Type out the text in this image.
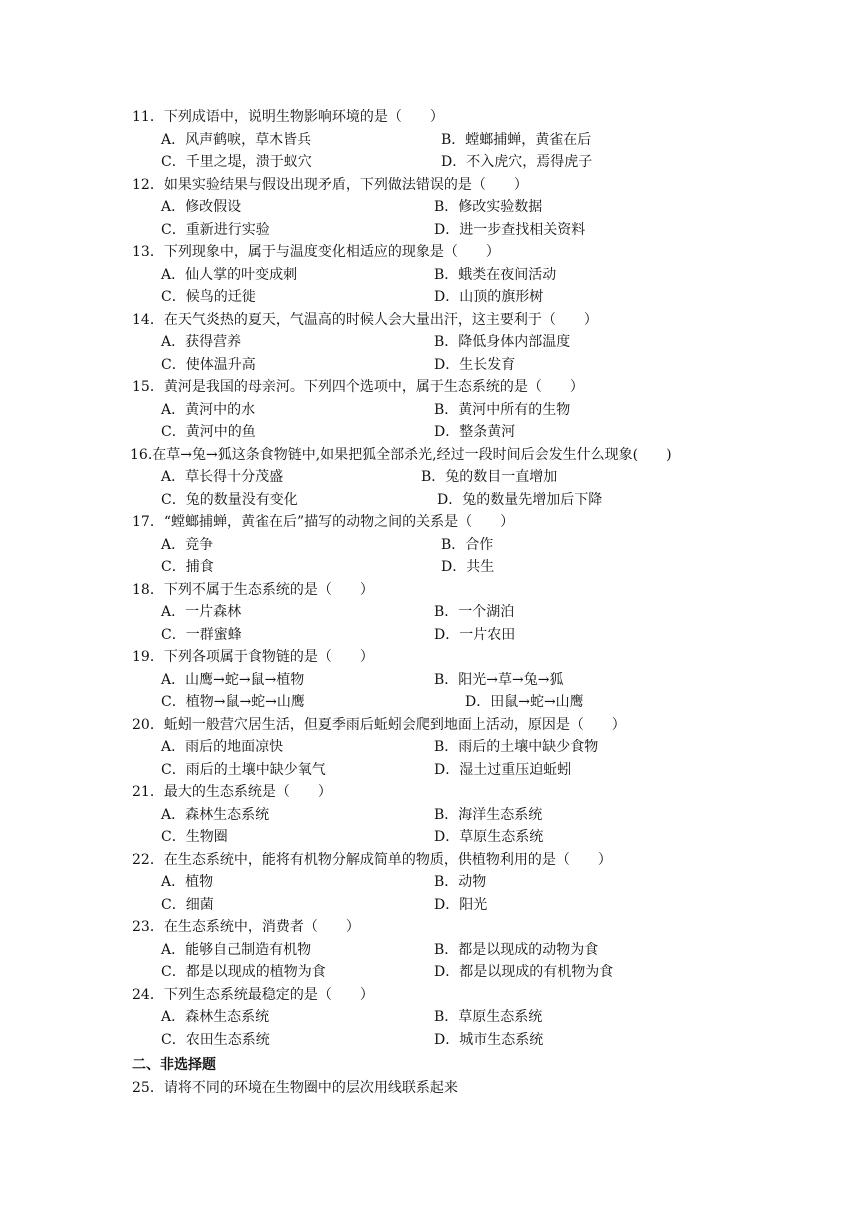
11．下列成语中，说明生物影响环境的是（　　）
A．风声鹤唳，草木皆兵	B．螳螂捕蝉，黄雀在后
C．千里之堤，溃于蚁穴	D．不入虎穴，焉得虎子
12．如果实验结果与假设出现矛盾，下列做法错误的是（　　）
A．修改假设	B．修改实验数据
C．重新进行实验	D．进一步查找相关资料
13．下列现象中，属于与温度变化相适应的现象是（　　）
A．仙人掌的叶变成刺	B．蛾类在夜间活动
C．候鸟的迁徙	D．山顶的旗形树
14．在天气炎热的夏天，气温高的时候人会大量出汗，这主要利于（　　）
A．获得营养	B．降低身体内部温度
C．使体温升高	D．生长发育
15．黄河是我国的母亲河。下列四个选项中，属于生态系统的是（　　）
A．黄河中的水	B．黄河中所有的生物
C．黄河中的鱼	D．整条黄河
16.在草→兔→狐这条食物链中,如果把狐全部杀光,经过一段时间后会发生什么现象(　　)
A．草长得十分茂盛	B．兔的数目一直增加
C．兔的数量没有变化	D．兔的数量先增加后下降
17．“螳螂捕蝉，黄雀在后”描写的动物之间的关系是（　　）
A．竞争	B．合作
C．捕食	D．共生
18．下列不属于生态系统的是（　　）
A．一片森林	B．一个湖泊
C．一群蜜蜂	D．一片农田
19．下列各项属于食物链的是（　　）
A．山鹰→蛇→鼠→植物	B．阳光→草→兔→狐
C．植物→鼠→蛇→山鹰	D．田鼠→蛇→山鹰
20．蚯蚓一般营穴居生活，但夏季雨后蚯蚓会爬到地面上活动，原因是（　　）
A．雨后的地面凉快	B．雨后的土壤中缺少食物
C．雨后的土壤中缺少氧气	D．湿土过重压迫蚯蚓
21．最大的生态系统是（　　）
A．森林生态系统	B．海洋生态系统
C．生物圈	D．草原生态系统
22．在生态系统中，能将有机物分解成简单的物质，供植物利用的是（　　）
A．植物	B．动物
C．细菌	D．阳光
23．在生态系统中，消费者（　　）
A．能够自己制造有机物	B．都是以现成的动物为食
C．都是以现成的植物为食	D．都是以现成的有机物为食
24．下列生态系统最稳定的是（　　）
A．森林生态系统	B．草原生态系统
C．农田生态系统	D．城市生态系统
二、非选择题
25．请将不同的环境在生物圈中的层次用线联系起来
